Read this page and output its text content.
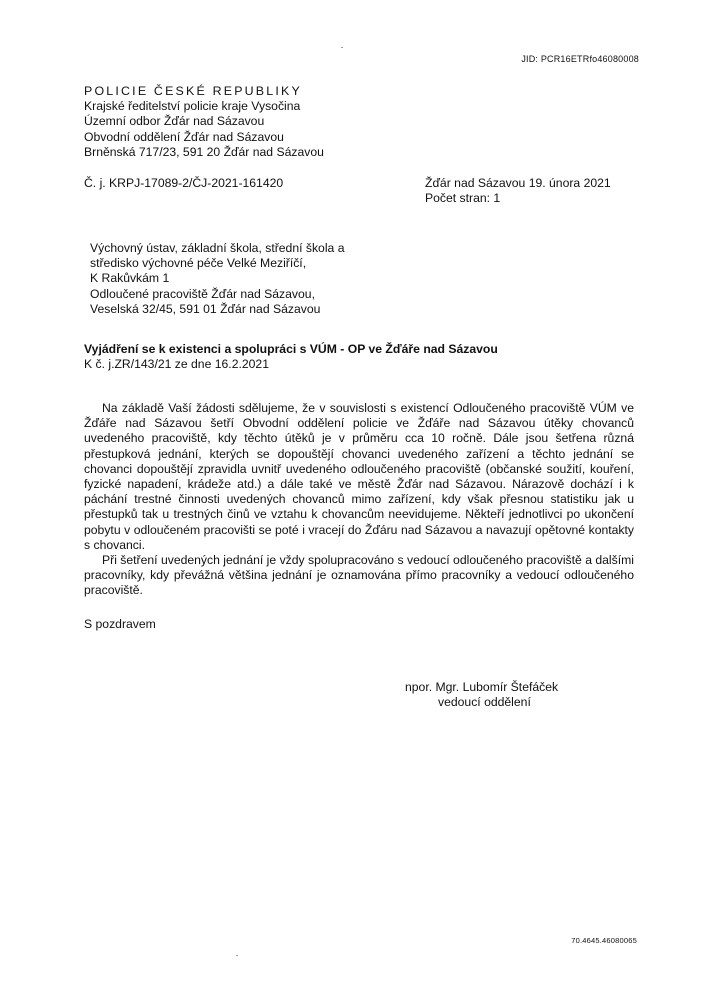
JID: PCR16ETRfo46080008
POLICIE ČESKÉ REPUBLIKY
Krajské ředitelství policie kraje Vysočina
Územní odbor Žďár nad Sázavou
Obvodní oddělení Žďár nad Sázavou
Brněnská 717/23, 591 20 Žďár nad Sázavou
Č. j. KRPJ-17089-2/ČJ-2021-161420	Žďár nad Sázavou 19. února 2021
Počet stran: 1
Výchovný ústav, základní škola, střední škola a
středisko výchovné péče Velké Meziříčí,
K Rakůvkám 1
Odloučené pracoviště Žďár nad Sázavou,
Veselská 32/45, 591 01 Žďár nad Sázavou
Vyjádření se k existenci a spolupráci s VÚM - OP ve Žďáře nad Sázavou
K č. j.ZR/143/21 ze dne 16.2.2021

Na základě Vaší žádosti sdělujeme, že v souvislosti s existencí Odloučeného pracoviště VÚM ve Žďáře nad Sázavou šetří Obvodní oddělení policie ve Žďáře nad Sázavou útěky chovanců uvedeného pracoviště, kdy těchto útěků je v průměru cca 10 ročně. Dále jsou šetřena různá přestupková jednání, kterých se dopouštějí chovanci uvedeného zařízení a těchto jednání se chovanci dopouštějí zpravidla uvnitř uvedeného odloučeného pracoviště (občanské soužití, kouření, fyzické napadení, krádeže atd.) a dále také ve městě Žďár nad Sázavou. Nárazově dochází i k páchání trestné činnosti uvedených chovanců mimo zařízení, kdy však přesnou statistiku jak u přestupků tak u trestných činů ve vztahu k chovancům neevidujeme. Někteří jednotlivci po ukončení pobytu v odloučeném pracovišti se poté i vracejí do Žďáru nad Sázavou a navazují opětovné kontakty s chovanci.

Při šetření uvedených jednání je vždy spolupracováno s vedoucí odloučeného pracoviště a dalšími pracovníky, kdy převážná většina jednání je oznamována přímo pracovníky a vedoucí odloučeného pracoviště.

S pozdravem
npor. Mgr. Lubomír Štefáček
vedoucí oddělení
70.4645.46080065
